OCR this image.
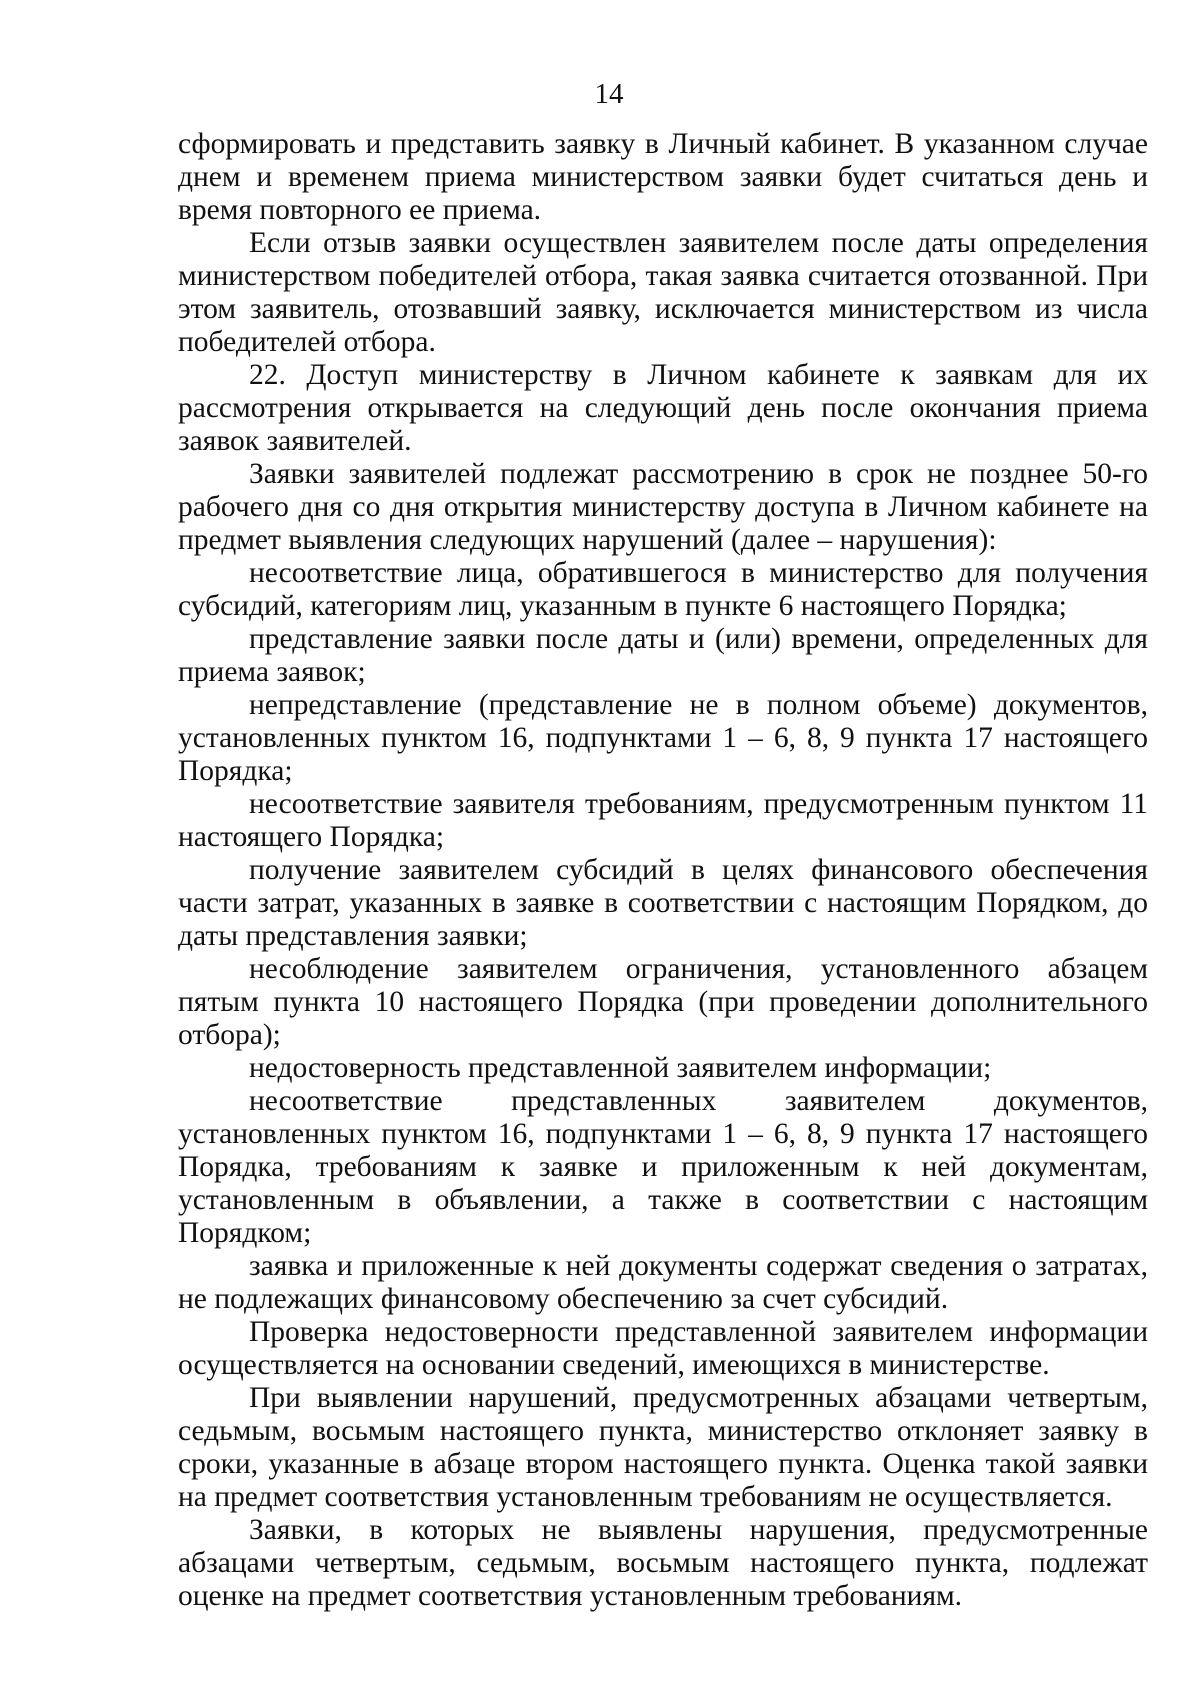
14

сформировать и представить заявку в Личный кабинет. В указанном случае днем и временем приема министерством заявки будет считаться день и время повторного ее приема.

Если отзыв заявки осуществлен заявителем после даты определения министерством победителей отбора, такая заявка считается отозванной. При этом заявитель, отозвавший заявку, исключается министерством из числа победителей отбора.

22. Доступ министерству в Личном кабинете к заявкам для их рассмотрения открывается на следующий день после окончания приема заявок заявителей.

Заявки заявителей подлежат рассмотрению в срок не позднее 50-го рабочего дня со дня открытия министерству доступа в Личном кабинете на предмет выявления следующих нарушений (далее – нарушения):

несоответствие лица, обратившегося в министерство для получения субсидий, категориям лиц, указанным в пункте 6 настоящего Порядка;

представление заявки после даты и (или) времени, определенных для приема заявок;

непредставление (представление не в полном объеме) документов, установленных пунктом 16, подпунктами 1 – 6, 8, 9 пункта 17 настоящего Порядка;

несоответствие заявителя требованиям, предусмотренным пунктом 11 настоящего Порядка;

получение заявителем субсидий в целях финансового обеспечения части затрат, указанных в заявке в соответствии с настоящим Порядком, до даты представления заявки;

несоблюдение заявителем ограничения, установленного абзацем пятым пункта 10 настоящего Порядка (при проведении дополнительного отбора);

недостоверность представленной заявителем информации;

несоответствие представленных заявителем документов, установленных пунктом 16, подпунктами 1 – 6, 8, 9 пункта 17 настоящего Порядка, требованиям к заявке и приложенным к ней документам, установленным в объявлении, а также в соответствии с настоящим Порядком;

заявка и приложенные к ней документы содержат сведения о затратах, не подлежащих финансовому обеспечению за счет субсидий.

Проверка недостоверности представленной заявителем информации осуществляется на основании сведений, имеющихся в министерстве.

При выявлении нарушений, предусмотренных абзацами четвертым, седьмым, восьмым настоящего пункта, министерство отклоняет заявку в сроки, указанные в абзаце втором настоящего пункта. Оценка такой заявки на предмет соответствия установленным требованиям не осуществляется.

Заявки, в которых не выявлены нарушения, предусмотренные абзацами четвертым, седьмым, восьмым настоящего пункта, подлежат оценке на предмет соответствия установленным требованиям.
